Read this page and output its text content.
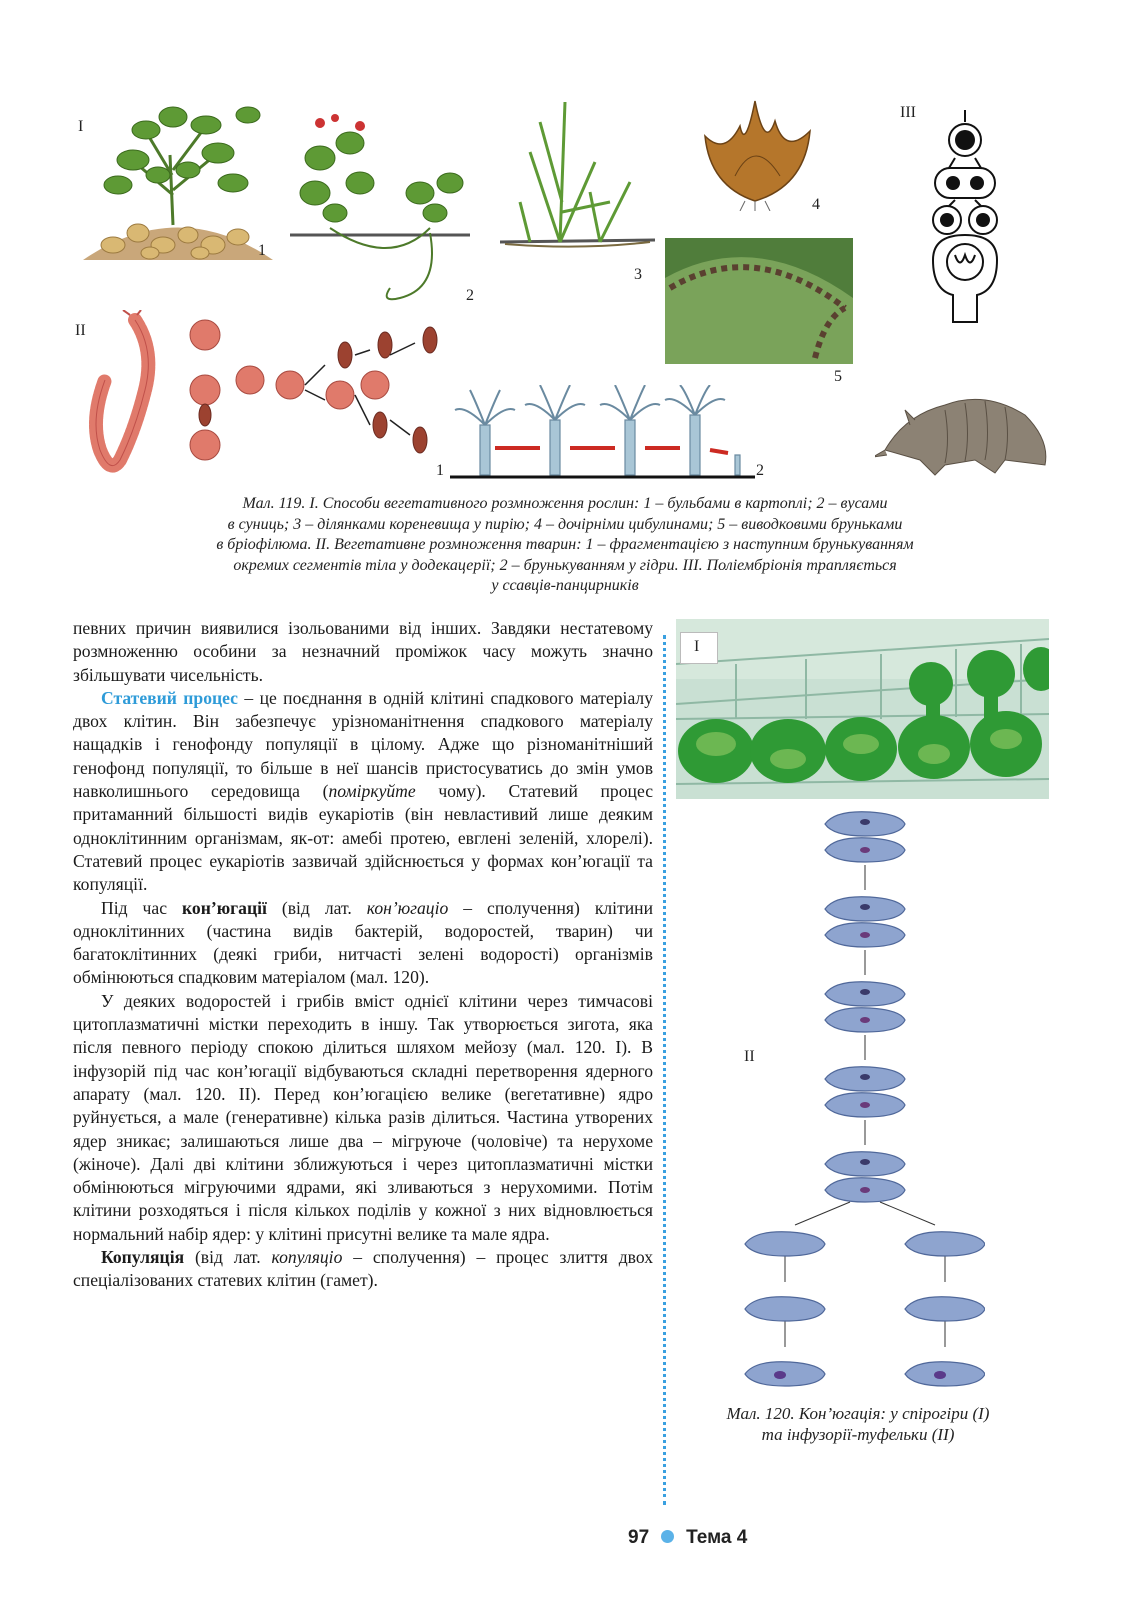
I
II
III
1
2
3
4
5
1	2
Мал. 119. I. Способи вегетативного розмноження рослин: 1 – бульбами в картоплі; 2 – вусами
в суниць; 3 – ділянками кореневища у пирію; 4 – дочірніми цибулинами; 5 – виводковими бруньками
в бріофілюма. II. Вегетативне розмноження тварин: 1 – фрагментацією з наступним брунькуванням
окремих сегментів тіла у додекацерії; 2 – брунькуванням у гідри. III. Поліембріонія трапляється
у ссавців-панцирників

певних причин виявилися ізольованими від інших. Завдяки нестатевому розмноженню особини за незначний проміжок часу можуть значно збільшувати чисельність.

Статевий процес – це поєднання в одній клітині спадкового матеріалу двох клітин. Він забезпечує урізноманітнення спадкового матеріалу нащадків і генофонду популяції в цілому. Адже що різноманітніший генофонд популяції, то більше в неї шансів пристосуватись до змін умов навколишнього середовища (поміркуйте чому). Статевий процес притаманний більшості видів еукаріотів (він невластивий лише деяким одноклітинним організмам, як-от: амебі протею, евглені зеленій, хлорелі). Статевий процес еукаріотів зазвичай здійснюється у формах кон’югації та копуляції.

Під час кон’югації (від лат. кон’югаціо – сполучення) клітини одноклітинних (частина видів бактерій, водоростей, тварин) чи багатоклітинних (деякі гриби, нитчасті зелені водорості) організмів обмінюються спадковим матеріалом (мал. 120).

У деяких водоростей і грибів вміст однієї клітини через тимчасові цитоплазматичні містки переходить в іншу. Так утворюється зигота, яка після певного періоду спокою ділиться шляхом мейозу (мал. 120. I). В інфузорій під час кон’югації відбуваються складні перетворення ядерного апарату (мал. 120. II). Перед кон’югацією велике (вегетативне) ядро руйнується, а мале (генеративне) кілька разів ділиться. Частина утворених ядер зникає; залишаються лише два – мігруюче (чоловіче) та нерухоме (жіноче). Далі дві клітини зближуються і через цитоплазматичні містки обмінюються мігруючими ядрами, які зливаються з нерухомими. Потім клітини розходяться і після кількох поділів у кожної з них відновлюється нормальний набір ядер: у клітині присутні велике та мале ядра.

Копуляція (від лат. копуляціо – сполучення) – процес злиття двох спеціалізованих статевих клітин (гамет).

I
II
Мал. 120. Кон’югація: у спірогіри (I)
та інфузорії-туфельки (II)
97 Тема 4
